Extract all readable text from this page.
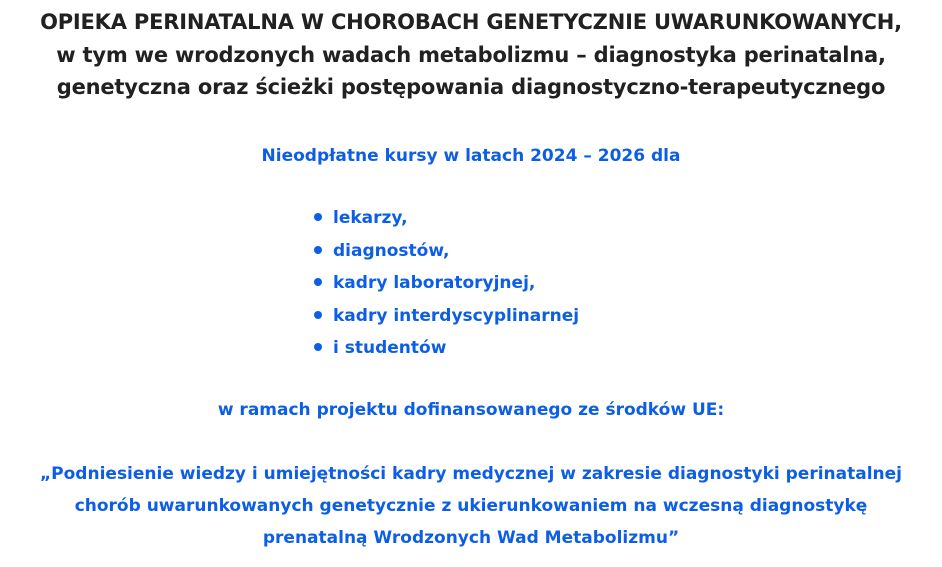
OPIEKA PERINATALNA W CHOROBACH GENETYCZNIE UWARUNKOWANYCH,
w tym we wrodzonych wadach metabolizmu – diagnostyka perinatalna,
genetyczna oraz ścieżki postępowania diagnostyczno-terapeutycznego
Nieodpłatne kursy w latach 2024 – 2026 dla
lekarzy,
diagnostów,
kadry laboratoryjnej,
kadry interdyscyplinarnej
i studentów
w ramach projektu dofinansowanego ze środków UE:
„Podniesienie wiedzy i umiejętności kadry medycznej w zakresie diagnostyki perinatalnej
chorób uwarunkowanych genetycznie z ukierunkowaniem na wczesną diagnostykę
prenatalną Wrodzonych Wad Metabolizmu”
